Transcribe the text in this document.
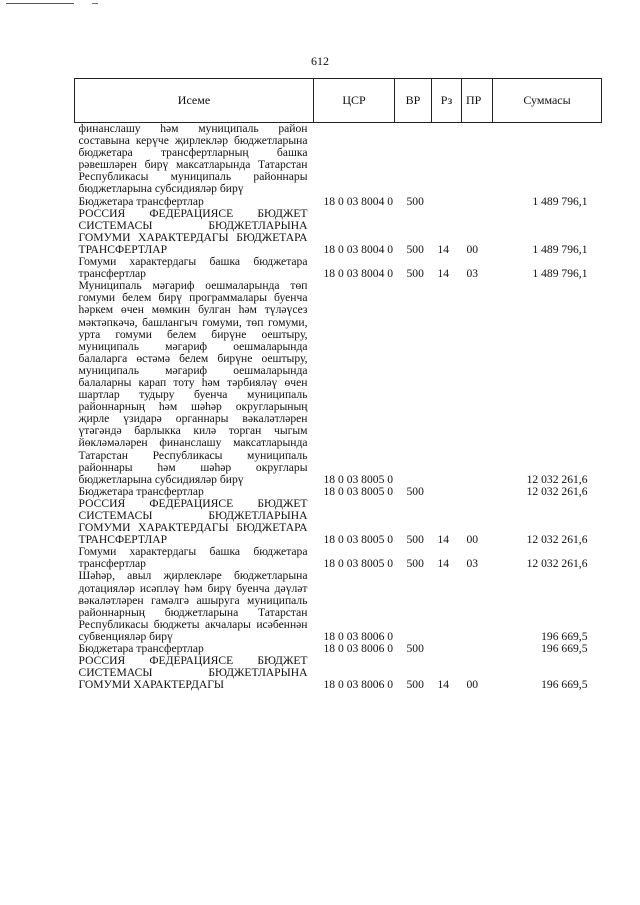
612
Исеме	ЦСР	ВР	Рз	ПР	Суммасы
финанслашу һәм муниципаль район составына керүче җирлекләр бюджетларына бюджетара трансфертларның башка рәвешләрен бирү максатларында Татарстан Республикасы муниципаль районнары бюджетларына субсидияләр бирү					
Бюджетара трансфертлар	18 0 03 8004 0	500			1 489 796,1
РОССИЯ ФЕДЕРАЦИЯСЕ БЮДЖЕТ СИСТЕМАСЫ БЮДЖЕТЛАРЫНА ГОМУМИ ХАРАКТЕРДАГЫ БЮДЖЕТАРА ТРАНСФЕРТЛАР	18 0 03 8004 0	500	14	00	1 489 796,1
Гомуми характердагы башка бюджетара трансфертлар	18 0 03 8004 0	500	14	03	1 489 796,1
Муниципаль мәгариф оешмаларында төп гомуми белем бирү программалары буенча һәркем өчен мөмкин булган һәм түләүсез мәктәпкәчә, башлангыч гомуми, төп гомуми, урта гомуми белем бирүне оештыру, муниципаль мәгариф оешмаларында балаларга өстәмә белем бирүне оештыру, муниципаль мәгариф оешмаларында балаларны карап тоту һәм тәрбияләү өчен шартлар тудыру буенча муниципаль районнарның һәм шәһәр округларының җирле үзидарә органнары вәкаләтләрен үтәгәндә барлыкка килә торган чыгым йөкләмәләрен финанслашу максатларында Татарстан Республикасы муниципаль районнары һәм шәһәр округлары бюджетларына субсидияләр бирү	18 0 03 8005 0				12 032 261,6
Бюджетара трансфертлар	18 0 03 8005 0	500			12 032 261,6
РОССИЯ ФЕДЕРАЦИЯСЕ БЮДЖЕТ СИСТЕМАСЫ БЮДЖЕТЛАРЫНА ГОМУМИ ХАРАКТЕРДАГЫ БЮДЖЕТАРА ТРАНСФЕРТЛАР	18 0 03 8005 0	500	14	00	12 032 261,6
Гомуми характердагы башка бюджетара трансфертлар	18 0 03 8005 0	500	14	03	12 032 261,6
Шәһәр, авыл җирлекләре бюджетларына дотацияләр исәпләү һәм бирү буенча дәүләт вәкаләтләрен гамәлгә ашыруга муниципаль районнарның бюджетларына Татарстан Республикасы бюджеты акчалары исәбеннән субвенцияләр бирү	18 0 03 8006 0				196 669,5
Бюджетара трансфертлар	18 0 03 8006 0	500			196 669,5
РОССИЯ ФЕДЕРАЦИЯСЕ БЮДЖЕТ СИСТЕМАСЫ БЮДЖЕТЛАРЫНА ГОМУМИ ХАРАКТЕРДАГЫ	18 0 03 8006 0	500	14	00	196 669,5
